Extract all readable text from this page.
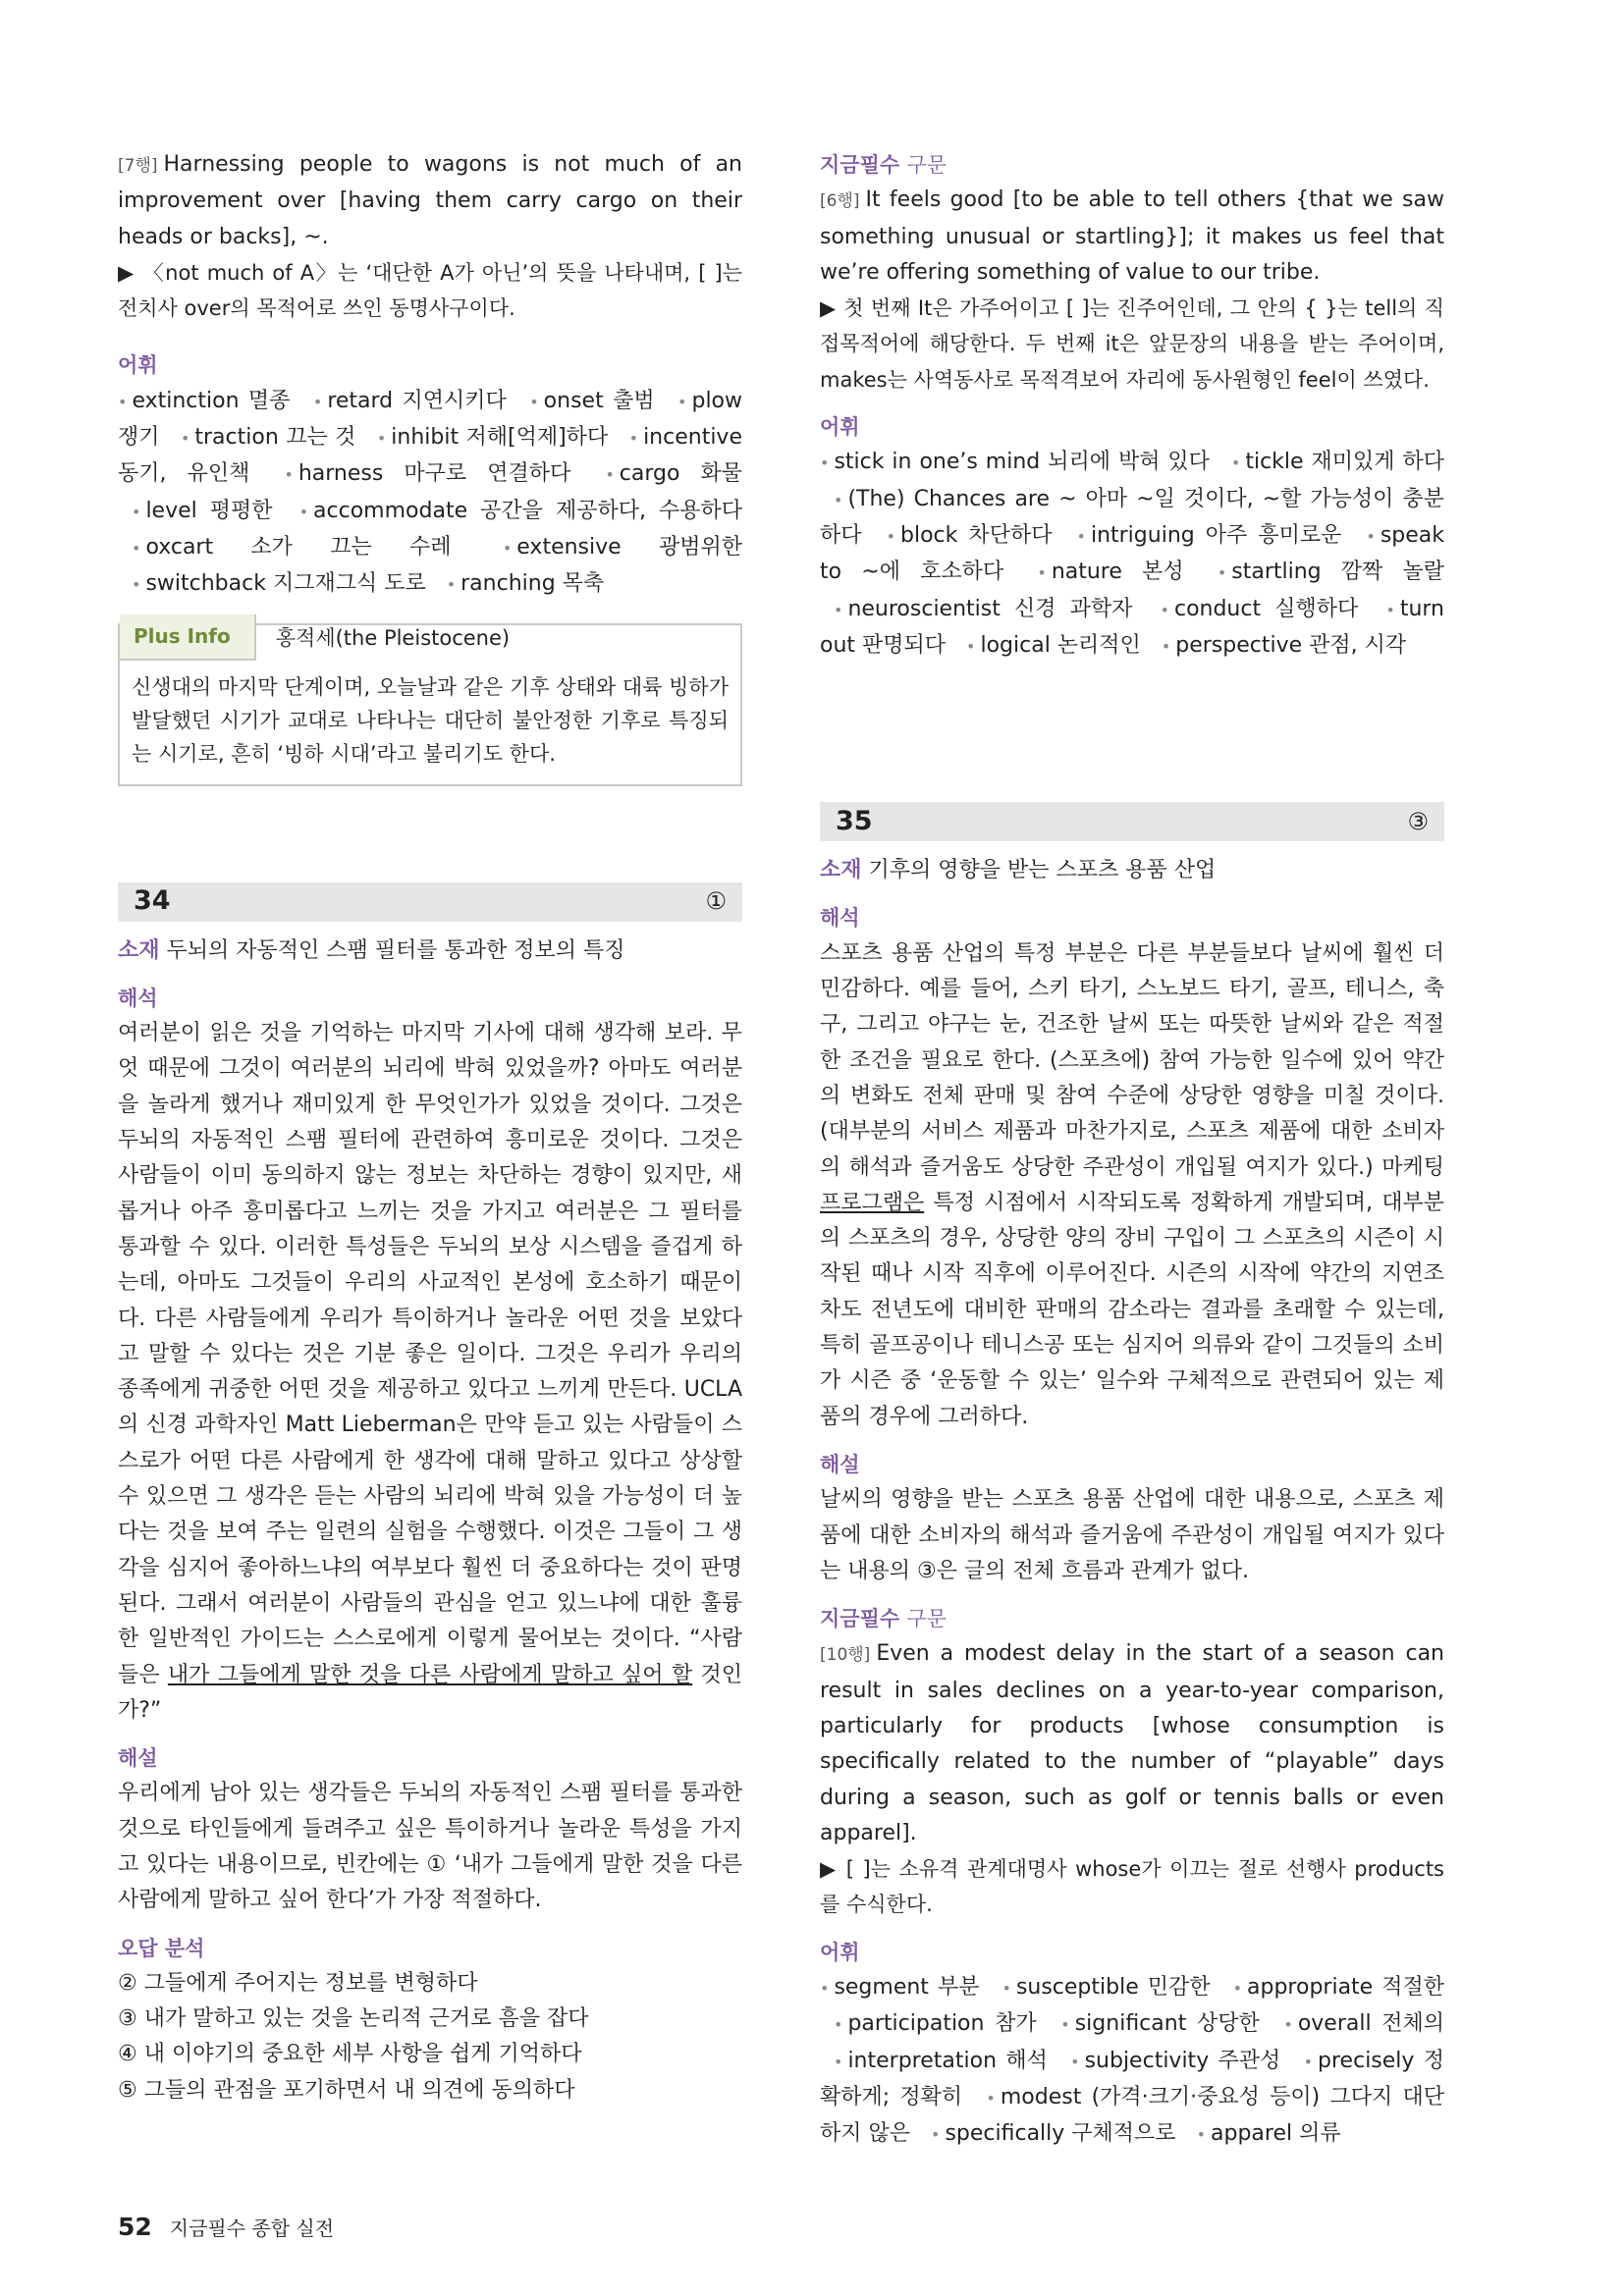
[7행] Harnessing people to wagons is not much of an improvement over [having them carry cargo on their heads or backs], ~.

▶ 〈not much of A〉는 ‘대단한 A가 아닌’의 뜻을 나타내며, [ ]는 전치사 over의 목적어로 쓰인 동명사구이다.

어휘

• extinction 멸종 • retard 지연시키다 • onset 출범 • plow 쟁기 • traction 끄는 것 • inhibit 저해[억제]하다 • incentive 동기, 유인책 • harness 마구로 연결하다 • cargo 화물 • level 평평한 • accommodate 공간을 제공하다, 수용하다 • oxcart 소가 끄는 수레	• extensive 광범위한 • switchback 지그재그식 도로 • ranching 목축

Plus Info	홍적세(the Pleistocene)

신생대의 마지막 단계이며, 오늘날과 같은 기후 상태와 대륙 빙하가 발달했던 시기가 교대로 나타나는 대단히 불안정한 기후로 특징되는 시기로, 흔히 ‘빙하 시대’라고 불리기도 한다.

34	①

소재 두뇌의 자동적인 스팸 필터를 통과한 정보의 특징

해석

여러분이 읽은 것을 기억하는 마지막 기사에 대해 생각해 보라. 무엇 때문에 그것이 여러분의 뇌리에 박혀 있었을까? 아마도 여러분을 놀라게 했거나 재미있게 한 무엇인가가 있었을 것이다. 그것은 두뇌의 자동적인 스팸 필터에 관련하여 흥미로운 것이다. 그것은 사람들이 이미 동의하지 않는 정보는 차단하는 경향이 있지만, 새롭거나 아주 흥미롭다고 느끼는 것을 가지고 여러분은 그 필터를 통과할 수 있다. 이러한 특성들은 두뇌의 보상 시스템을 즐겁게 하는데, 아마도 그것들이 우리의 사교적인 본성에 호소하기 때문이다. 다른 사람들에게 우리가 특이하거나 놀라운 어떤 것을 보았다고 말할 수 있다는 것은 기분 좋은 일이다. 그것은 우리가 우리의 종족에게 귀중한 어떤 것을 제공하고 있다고 느끼게 만든다. UCLA의 신경 과학자인 Matt Lieberman은 만약 듣고 있는 사람들이 스스로가 어떤 다른 사람에게 한 생각에 대해 말하고 있다고 상상할 수 있으면 그 생각은 듣는 사람의 뇌리에 박혀 있을 가능성이 더 높다는 것을 보여 주는 일련의 실험을 수행했다. 이것은 그들이 그 생각을 심지어 좋아하느냐의 여부보다 훨씬 더 중요하다는 것이 판명된다. 그래서 여러분이 사람들의 관심을 얻고 있느냐에 대한 훌륭한 일반적인 가이드는 스스로에게 이렇게 물어보는 것이다. “사람들은 내가 그들에게 말한 것을 다른 사람에게 말하고 싶어 할 것인가?”

해설

우리에게 남아 있는 생각들은 두뇌의 자동적인 스팸 필터를 통과한 것으로 타인들에게 들려주고 싶은 특이하거나 놀라운 특성을 가지고 있다는 내용이므로, 빈칸에는 ① ‘내가 그들에게 말한 것을 다른 사람에게 말하고 싶어 한다’가 가장 적절하다.

오답 분석

② 그들에게 주어지는 정보를 변형하다

③ 내가 말하고 있는 것을 논리적 근거로 흠을 잡다

④ 내 이야기의 중요한 세부 사항을 쉽게 기억하다

⑤ 그들의 관점을 포기하면서 내 의견에 동의하다

지금필수 구문

[6행] It feels good [to be able to tell others {that we saw something unusual or startling}]; it makes us feel that we’re offering something of value to our tribe.

▶ 첫 번째 It은 가주어이고 [ ]는 진주어인데, 그 안의 { }는 tell의 직접목적어에 해당한다. 두 번째 it은 앞문장의 내용을 받는 주어이며, makes는 사역동사로 목적격보어 자리에 동사원형인 feel이 쓰였다.

어휘

• stick in one’s mind 뇌리에 박혀 있다 • tickle 재미있게 하다 • (The) Chances are ~ 아마 ~일 것이다, ~할 가능성이 충분하다 • block 차단하다 • intriguing 아주 흥미로운 • speak to ~에 호소하다 • nature 본성 • startling 깜짝 놀랄 • neuroscientist 신경 과학자 • conduct 실행하다 • turn out 판명되다 • logical 논리적인 • perspective 관점, 시각

35	③

소재 기후의 영향을 받는 스포츠 용품 산업

해석

스포츠 용품 산업의 특정 부분은 다른 부분들보다 날씨에 훨씬 더 민감하다. 예를 들어, 스키 타기, 스노보드 타기, 골프, 테니스, 축구, 그리고 야구는 눈, 건조한 날씨 또는 따뜻한 날씨와 같은 적절한 조건을 필요로 한다. (스포츠에) 참여 가능한 일수에 있어 약간의 변화도 전체 판매 및 참여 수준에 상당한 영향을 미칠 것이다. (대부분의 서비스 제품과 마찬가지로, 스포츠 제품에 대한 소비자의 해석과 즐거움도 상당한 주관성이 개입될 여지가 있다.) 마케팅 프로그램은 특정 시점에서 시작되도록 정확하게 개발되며, 대부분의 스포츠의 경우, 상당한 양의 장비 구입이 그 스포츠의 시즌이 시작된 때나 시작 직후에 이루어진다. 시즌의 시작에 약간의 지연조차도 전년도에 대비한 판매의 감소라는 결과를 초래할 수 있는데, 특히 골프공이나 테니스공 또는 심지어 의류와 같이 그것들의 소비가 시즌 중 ‘운동할 수 있는’ 일수와 구체적으로 관련되어 있는 제품의 경우에 그러하다.

해설

날씨의 영향을 받는 스포츠 용품 산업에 대한 내용으로, 스포츠 제품에 대한 소비자의 해석과 즐거움에 주관성이 개입될 여지가 있다는 내용의 ③은 글의 전체 흐름과 관계가 없다.

지금필수 구문

[10행] Even a modest delay in the start of a season can result in sales declines on a year-to-year comparison, particularly for products [whose consumption is specifically related to the number of “playable” days during a season, such as golf or tennis balls or even apparel].

▶ [ ]는 소유격 관계대명사 whose가 이끄는 절로 선행사 products를 수식한다.

어휘

• segment 부분 • susceptible 민감한 • appropriate 적절한 • participation 참가 • significant 상당한 • overall 전체의 • interpretation 해석 • subjectivity 주관성 • precisely 정확하게; 정확히 • modest (가격·크기·중요성 등이) 그다지 대단하지 않은 • specifically 구체적으로 • apparel 의류

52 지금필수 종합 실전
